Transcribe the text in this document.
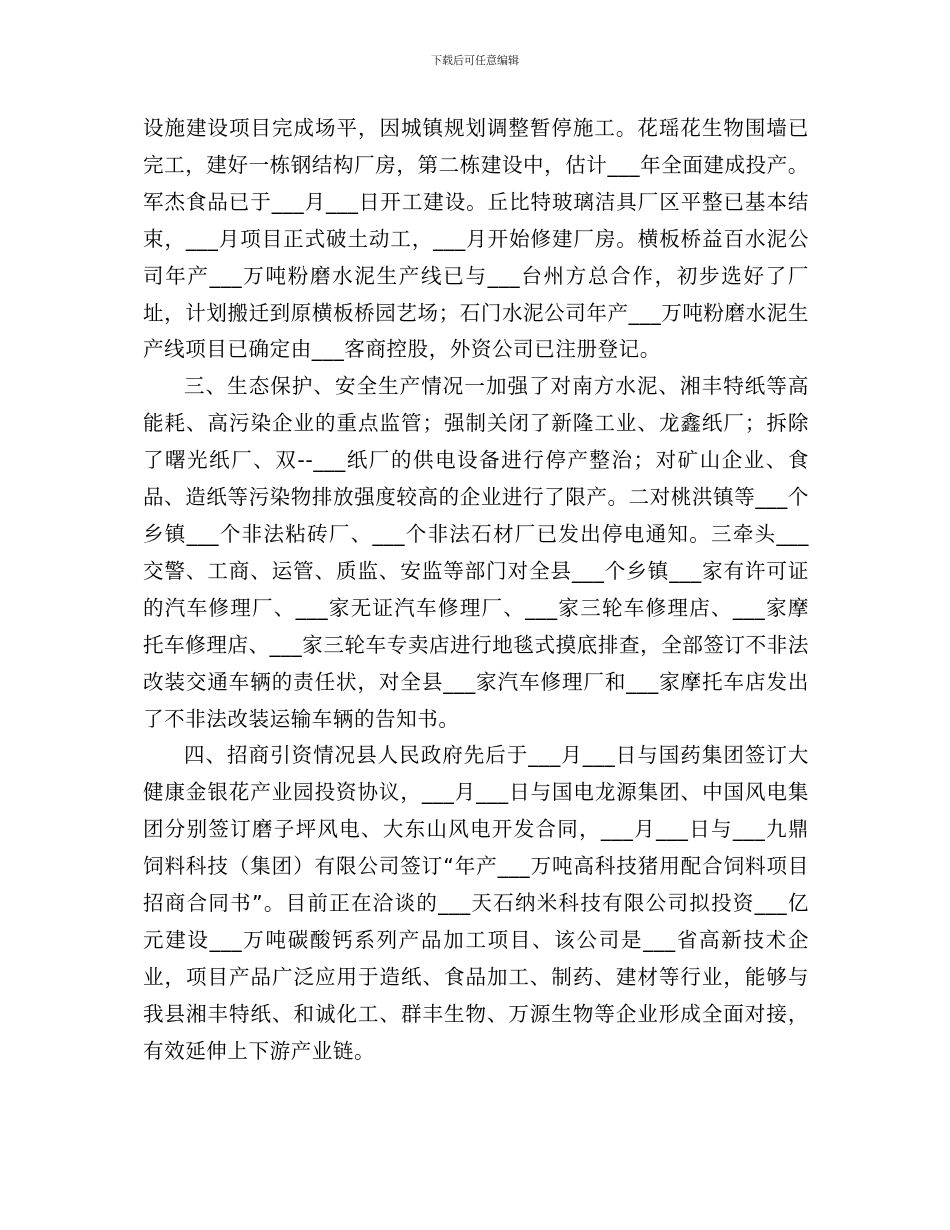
下载后可任意编辑

设施建设项目完成场平，因城镇规划调整暂停施工。花瑶花生物围墙已完工，建好一栋钢结构厂房，第二栋建设中，估计___年全面建成投产。军杰食品已于___月___日开工建设。丘比特玻璃洁具厂区平整已基本结束，___月项目正式破土动工，___月开始修建厂房。横板桥益百水泥公司年产___万吨粉磨水泥生产线已与___台州方总合作，初步选好了厂址，计划搬迁到原横板桥园艺场；石门水泥公司年产___万吨粉磨水泥生产线项目已确定由___客商控股，外资公司已注册登记。

三、生态保护、安全生产情况一加强了对南方水泥、湘丰特纸等高能耗、高污染企业的重点监管；强制关闭了新隆工业、龙鑫纸厂；拆除了曙光纸厂、双--___纸厂的供电设备进行停产整治；对矿山企业、食品、造纸等污染物排放强度较高的企业进行了限产。二对桃洪镇等___个乡镇___个非法粘砖厂、___个非法石材厂已发出停电通知。三牵头___交警、工商、运管、质监、安监等部门对全县___个乡镇___家有许可证的汽车修理厂、___家无证汽车修理厂、___家三轮车修理店、___家摩托车修理店、___家三轮车专卖店进行地毯式摸底排查，全部签订不非法改装交通车辆的责任状，对全县___家汽车修理厂和___家摩托车店发出了不非法改装运输车辆的告知书。

四、招商引资情况县人民政府先后于___月___日与国药集团签订大健康金银花产业园投资协议，___月___日与国电龙源集团、中国风电集团分别签订磨子坪风电、大东山风电开发合同，___月___日与___九鼎饲料科技（集团）有限公司签订“年产___万吨高科技猪用配合饲料项目招商合同书”。目前正在洽谈的___天石纳米科技有限公司拟投资___亿元建设___万吨碳酸钙系列产品加工项目、该公司是___省高新技术企业，项目产品广泛应用于造纸、食品加工、制药、建材等行业，能够与我县湘丰特纸、和诚化工、群丰生物、万源生物等企业形成全面对接，有效延伸上下游产业链。
